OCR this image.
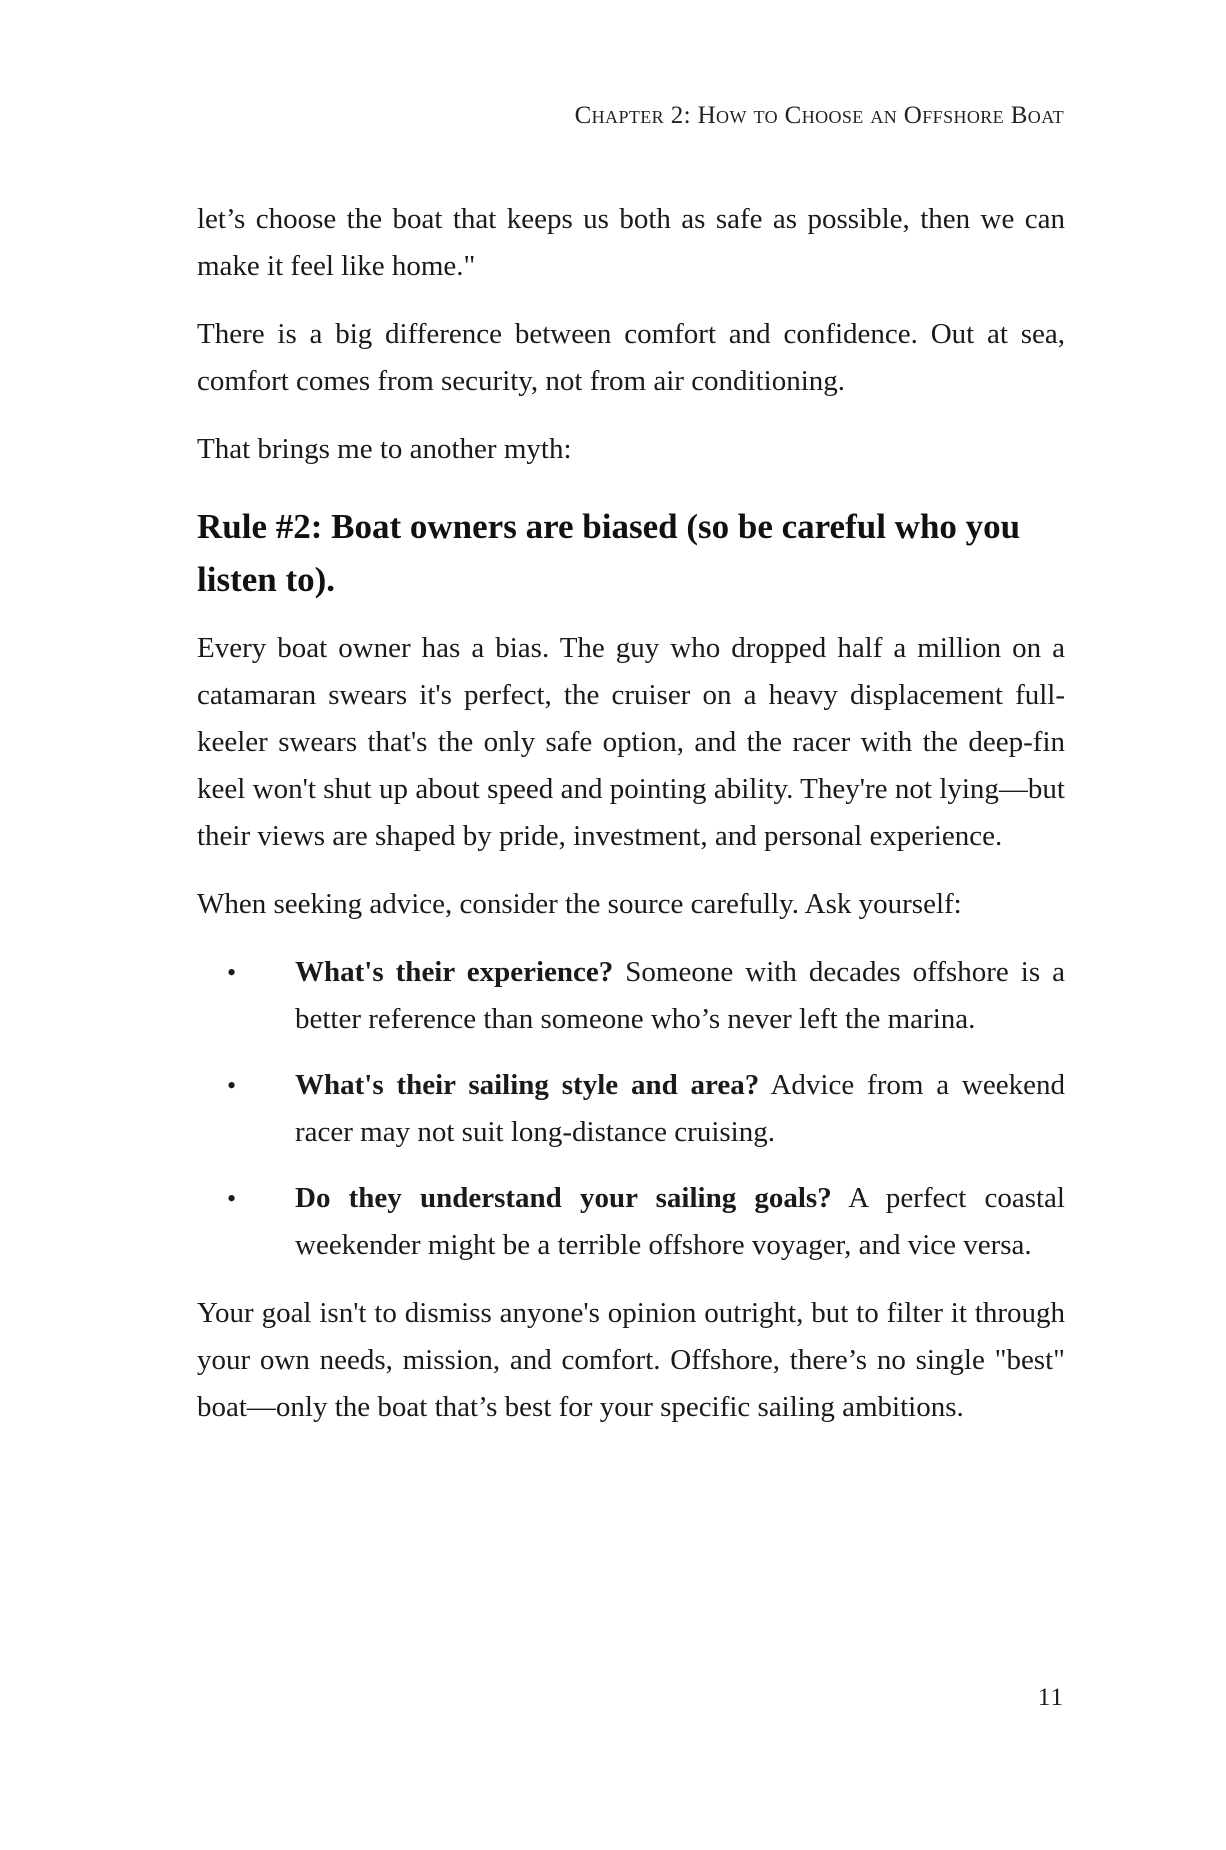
Chapter 2: How to Choose an Offshore Boat

let’s choose the boat that keeps us both as safe as possible, then we can make it feel like home."

There is a big difference between comfort and confidence. Out at sea, comfort comes from security, not from air conditioning.

That brings me to another myth:

Rule #2: Boat owners are biased (so be careful who you listen to).

Every boat owner has a bias. The guy who dropped half a million on a catamaran swears it's perfect, the cruiser on a heavy displacement full-keeler swears that's the only safe option, and the racer with the deep-fin keel won't shut up about speed and pointing ability. They're not lying—but their views are shaped by pride, investment, and personal experience.

When seeking advice, consider the source carefully. Ask yourself:

• What's their experience? Someone with decades offshore is a better reference than someone who’s never left the marina.
• What's their sailing style and area? Advice from a weekend racer may not suit long-distance cruising.
• Do they understand your sailing goals? A perfect coastal weekender might be a terrible offshore voyager, and vice versa.

Your goal isn't to dismiss anyone's opinion outright, but to filter it through your own needs, mission, and comfort. Offshore, there’s no single "best" boat—only the boat that’s best for your specific sailing ambitions.

11
